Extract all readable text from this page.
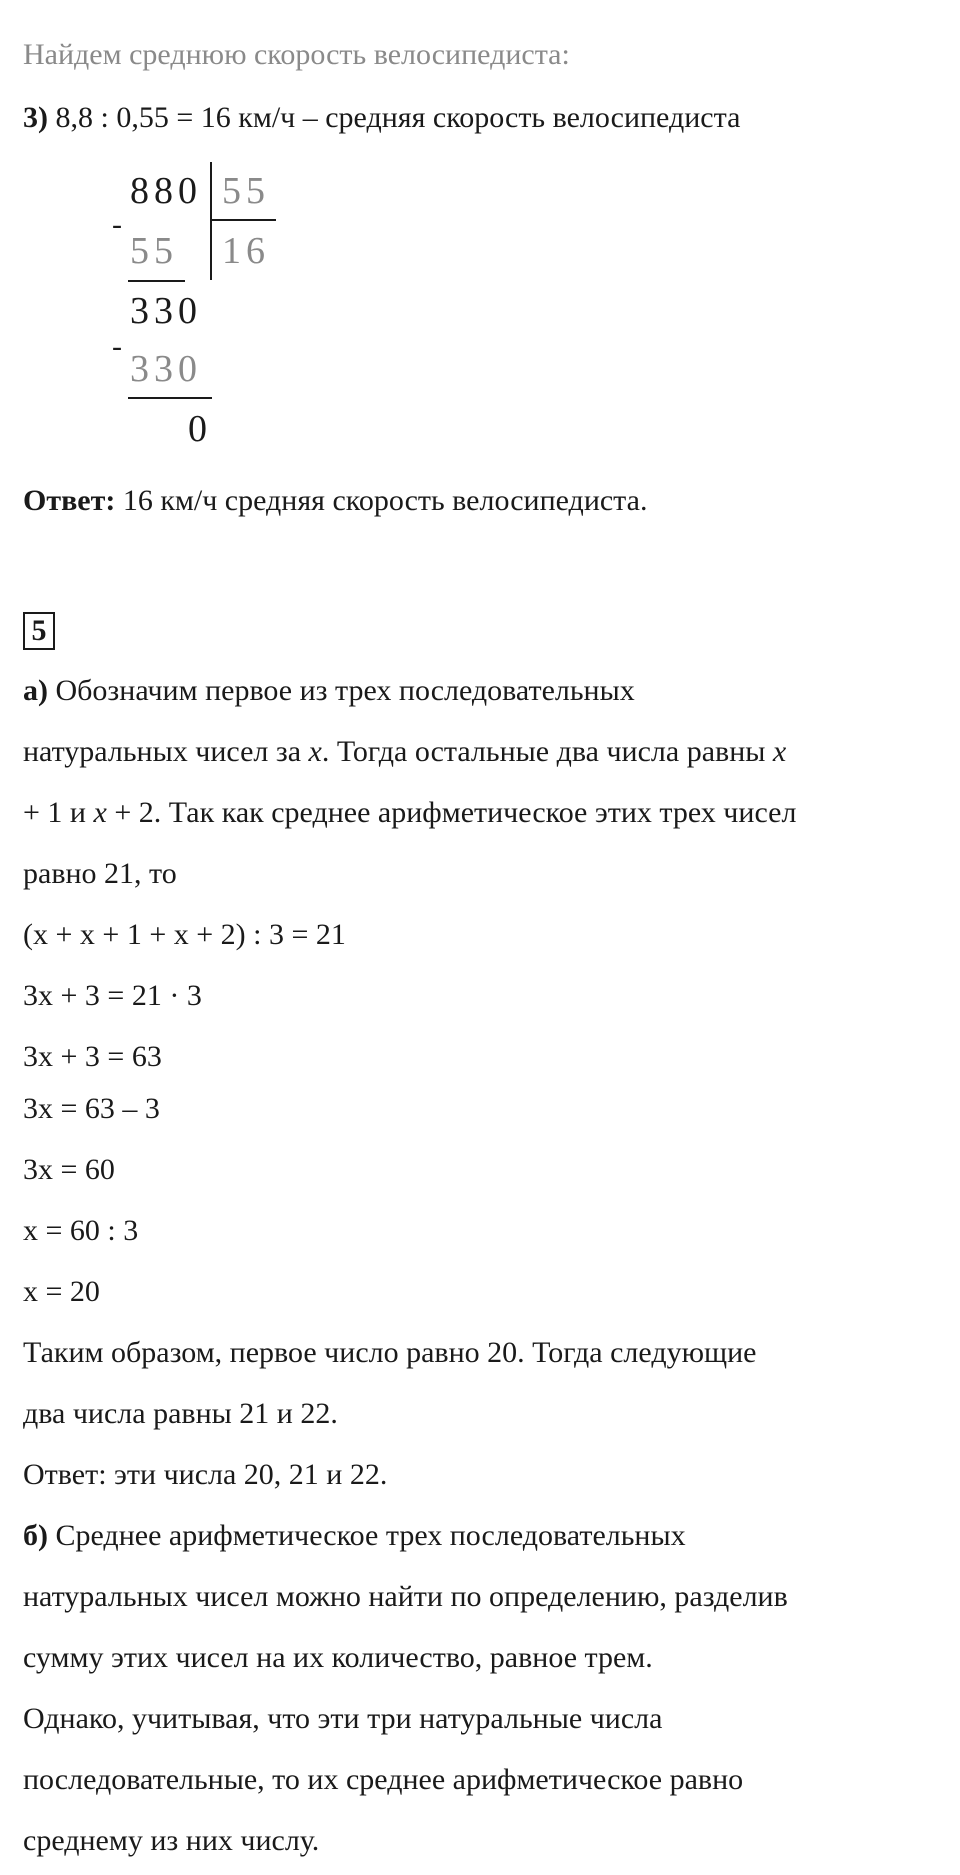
Найдем среднюю скорость велосипедиста:
3) 8,8 : 0,55 = 16 км/ч – средняя скорость велосипедиста
880 55
16
-
55
330
-
330
0
Ответ: 16 км/ч средняя скорость велосипедиста.
5
а) Обозначим первое из трех последовательных
натуральных чисел за x. Тогда остальные два числа равны x
+ 1 и x + 2. Так как среднее арифметическое этих трех чисел
равно 21, то
(x + x + 1 + x + 2) : 3 = 21
3x + 3 = 21 · 3
3x + 3 = 63
3x = 63 – 3
3x = 60
x = 60 : 3
x = 20
Таким образом, первое число равно 20. Тогда следующие
два числа равны 21 и 22.
Ответ: эти числа 20, 21 и 22.
б) Среднее арифметическое трех последовательных
натуральных чисел можно найти по определению, разделив
сумму этих чисел на их количество, равное трем.
Однако, учитывая, что эти три натуральные числа
последовательные, то их среднее арифметическое равно
среднему из них числу.
